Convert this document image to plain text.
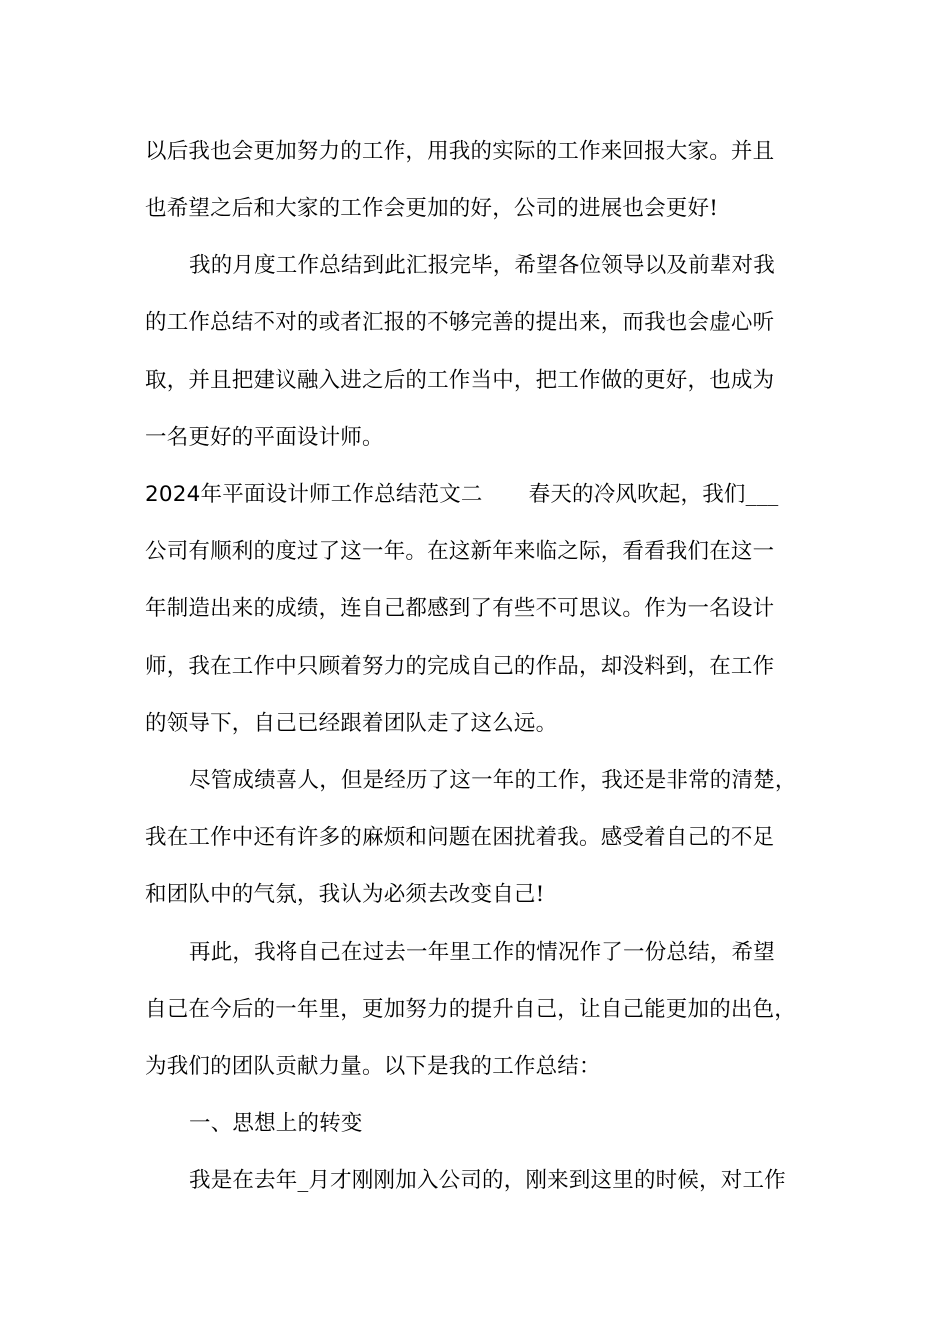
以后我也会更加努力的工作，用我的实际的工作来回报大家。并且
也希望之后和大家的工作会更加的好，公司的进展也会更好!
我的月度工作总结到此汇报完毕，希望各位领导以及前辈对我
的工作总结不对的或者汇报的不够完善的提出来，而我也会虚心听
取，并且把建议融入进之后的工作当中，把工作做的更好，也成为
一名更好的平面设计师。
2024年平面设计师工作总结范文二 春天的冷风吹起，我们___
公司有顺利的度过了这一年。在这新年来临之际，看看我们在这一
年制造出来的成绩，连自己都感到了有些不可思议。作为一名设计
师，我在工作中只顾着努力的完成自己的作品，却没料到，在工作
的领导下，自己已经跟着团队走了这么远。
尽管成绩喜人，但是经历了这一年的工作，我还是非常的清楚，
我在工作中还有许多的麻烦和问题在困扰着我。感受着自己的不足
和团队中的气氛，我认为必须去改变自己!
再此，我将自己在过去一年里工作的情况作了一份总结，希望
自己在今后的一年里，更加努力的提升自己，让自己能更加的出色，
为我们的团队贡献力量。以下是我的工作总结：
一、思想上的转变
我是在去年_月才刚刚加入公司的，刚来到这里的时候，对工作
